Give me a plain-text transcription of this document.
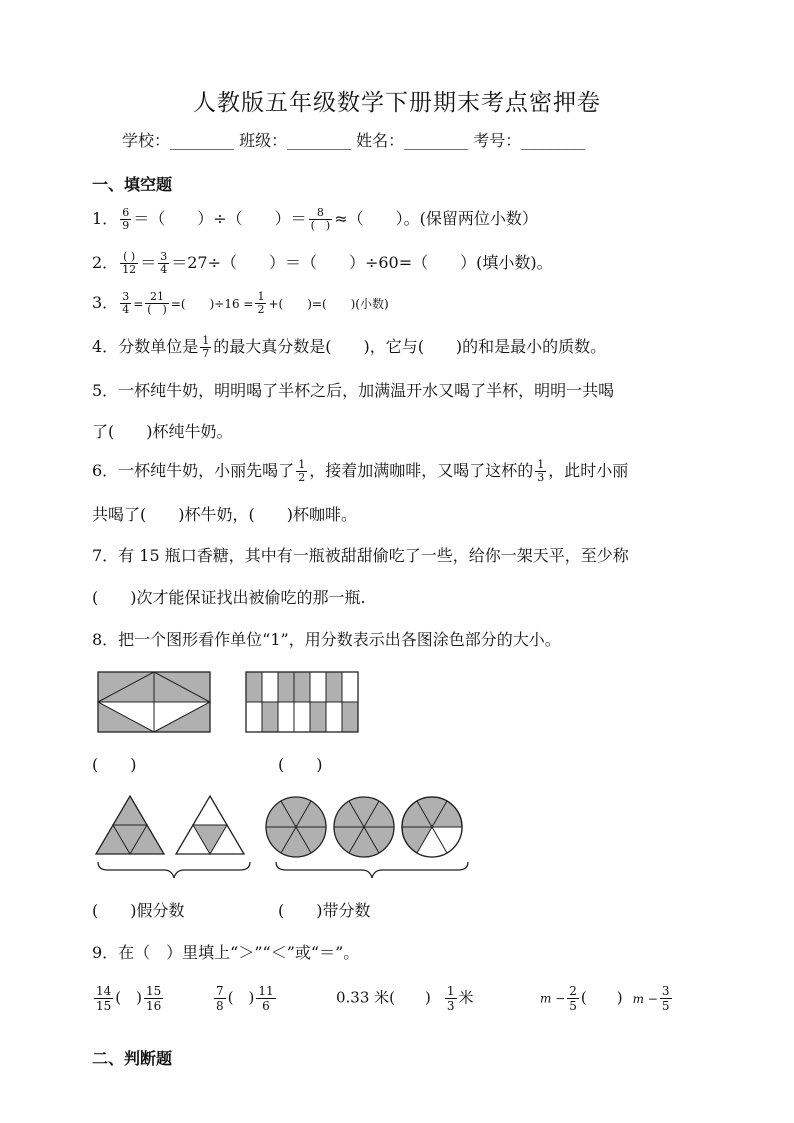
人教版五年级数学下册期末考点密押卷
学校：________ 班级：________ 姓名：________ 考号：________
一、填空题
1． $\frac{6}{9}$ ＝（　　）÷（　　）＝ $\frac{8}{( )}$ ≈（　　）。(保留两位小数）
2． $\frac{( )}{12} = \frac{3}{4} =27\div$（　　）＝（　　）÷60=（　　）(填小数)。
3． $\frac{3}{4} = \frac{21}{( )}$ =(　　)$\div 16 = \frac{1}{2}$ +(　　)=(　　)(小数)
4．分数单位是 $\frac{1}{7}$ 的最大真分数是(　　)，它与(　　)的和是最小的质数。
5．一杯纯牛奶，明明喝了半杯之后，加满温开水又喝了半杯，明明一共喝
了(　　)杯纯牛奶。
6．一杯纯牛奶，小丽先喝了 $\frac{1}{2}$ ，接着加满咖啡，又喝了这杯的 $\frac{1}{3}$ ，此时小丽
共喝了(　　)杯牛奶，(　　)杯咖啡。
7．有 15 瓶口香糖，其中有一瓶被甜甜偷吃了一些，给你一架天平，至少称
(　　)次才能保证找出被偷吃的那一瓶.
8．把一个图形看作单位“1”，用分数表示出各图涂色部分的大小。
(　　)	(　　)
(　　)假分数	(　　)带分数
9．在（　）里填上“＞”“＜”或“＝”。
$\frac{14}{15}$ (　) $\frac{15}{16}$	$\frac{7}{8}$ (　) $\frac{11}{6}$	0.33 米(　　) $\frac{1}{3}$ 米	$m - \frac{2}{5}$ (　　) $m - \frac{3}{5}$
二、判断题
